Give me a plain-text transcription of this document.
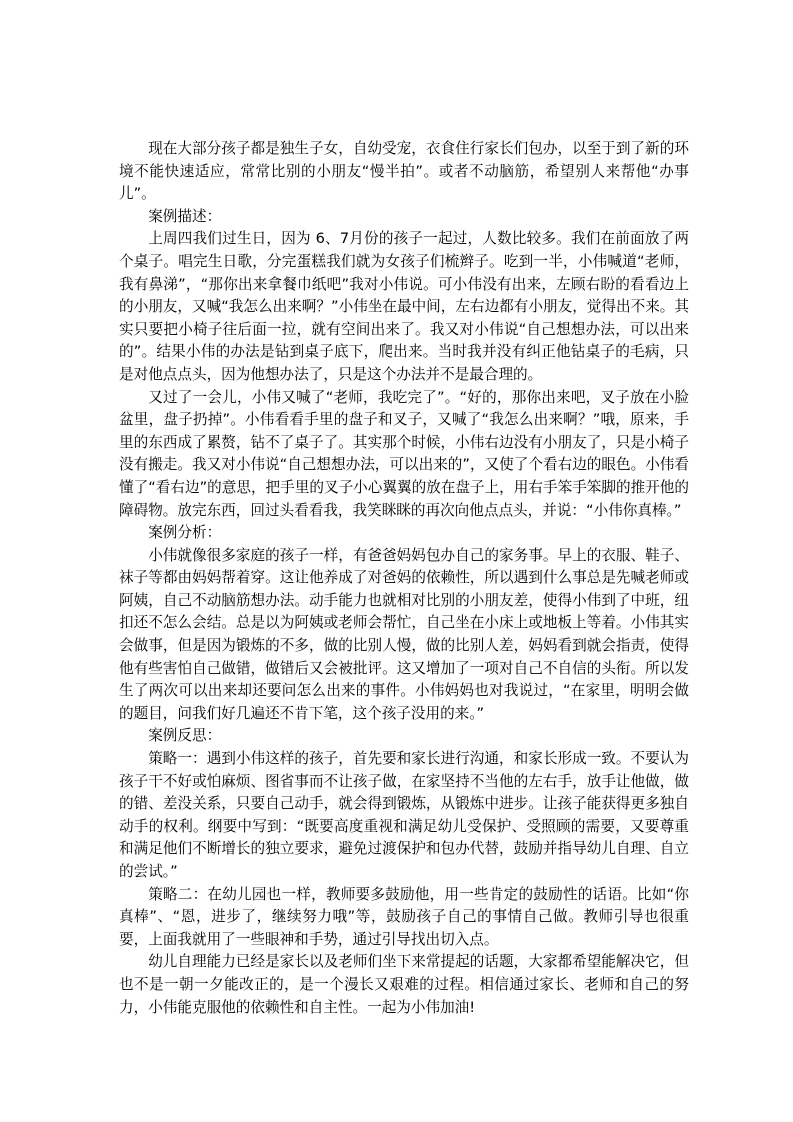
现在大部分孩子都是独生子女，自幼受宠，衣食住行家长们包办，以至于到了新的环境不能快速适应，常常比别的小朋友“慢半拍”。或者不动脑筋，希望别人来帮他“办事儿”。

案例描述：

上周四我们过生日，因为 6、7月份的孩子一起过，人数比较多。我们在前面放了两个桌子。唱完生日歌，分完蛋糕我们就为女孩子们梳辫子。吃到一半，小伟喊道“老师，我有鼻涕”，“那你出来拿餐巾纸吧”我对小伟说。可小伟没有出来，左顾右盼的看看边上的小朋友，又喊“我怎么出来啊？”小伟坐在最中间，左右边都有小朋友，觉得出不来。其实只要把小椅子往后面一拉，就有空间出来了。我又对小伟说“自己想想办法，可以出来的”。结果小伟的办法是钻到桌子底下，爬出来。当时我并没有纠正他钻桌子的毛病，只是对他点点头，因为他想办法了，只是这个办法并不是最合理的。

又过了一会儿，小伟又喊了“老师，我吃完了”。“好的，那你出来吧，叉子放在小脸盆里，盘子扔掉”。小伟看看手里的盘子和叉子，又喊了“我怎么出来啊？”哦，原来，手里的东西成了累赘，钻不了桌子了。其实那个时候，小伟右边没有小朋友了，只是小椅子没有搬走。我又对小伟说“自己想想办法，可以出来的”，又使了个看右边的眼色。小伟看懂了“看右边”的意思，把手里的叉子小心翼翼的放在盘子上，用右手笨手笨脚的推开他的障碍物。放完东西，回过头看看我，我笑眯眯的再次向他点点头，并说：“小伟你真棒。”

案例分析：

小伟就像很多家庭的孩子一样，有爸爸妈妈包办自己的家务事。早上的衣服、鞋子、袜子等都由妈妈帮着穿。这让他养成了对爸妈的依赖性，所以遇到什么事总是先喊老师或阿姨，自己不动脑筋想办法。动手能力也就相对比别的小朋友差，使得小伟到了中班，纽扣还不怎么会结。总是以为阿姨或老师会帮忙，自己坐在小床上或地板上等着。小伟其实会做事，但是因为锻炼的不多，做的比别人慢，做的比别人差，妈妈看到就会指责，使得他有些害怕自己做错，做错后又会被批评。这又增加了一项对自己不自信的头衔。所以发生了两次可以出来却还要问怎么出来的事件。小伟妈妈也对我说过，“在家里，明明会做的题目，问我们好几遍还不肯下笔，这个孩子没用的来。”

案例反思：

策略一：遇到小伟这样的孩子，首先要和家长进行沟通，和家长形成一致。不要认为孩子干不好或怕麻烦、图省事而不让孩子做，在家坚持不当他的左右手，放手让他做，做的错、差没关系，只要自己动手，就会得到锻炼，从锻炼中进步。让孩子能获得更多独自动手的权利。纲要中写到：“既要高度重视和满足幼儿受保护、受照顾的需要，又要尊重和满足他们不断增长的独立要求，避免过渡保护和包办代替，鼓励并指导幼儿自理、自立的尝试。”

策略二：在幼儿园也一样，教师要多鼓励他，用一些肯定的鼓励性的话语。比如“你真棒”、“恩，进步了，继续努力哦”等，鼓励孩子自己的事情自己做。教师引导也很重要，上面我就用了一些眼神和手势，通过引导找出切入点。

幼儿自理能力已经是家长以及老师们坐下来常提起的话题，大家都希望能解决它，但也不是一朝一夕能改正的，是一个漫长又艰难的过程。相信通过家长、老师和自己的努力，小伟能克服他的依赖性和自主性。一起为小伟加油!
